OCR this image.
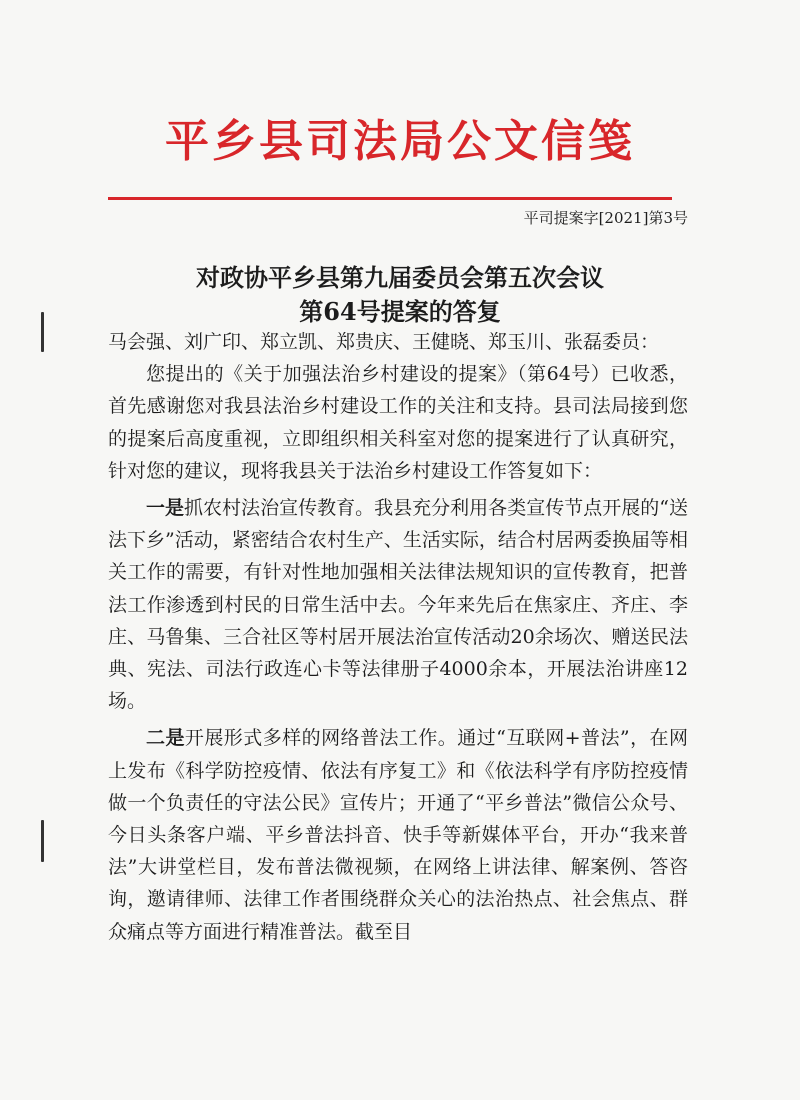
平乡县司法局公文信笺
平司提案字[2021]第3号
对政协平乡县第九届委员会第五次会议
第64号提案的答复

马会强、刘广印、郑立凯、郑贵庆、王健晓、郑玉川、张磊委员：

您提出的《关于加强法治乡村建设的提案》（第64号）已收悉，首先感谢您对我县法治乡村建设工作的关注和支持。县司法局接到您的提案后高度重视，立即组织相关科室对您的提案进行了认真研究，针对您的建议，现将我县关于法治乡村建设工作答复如下：

一是抓农村法治宣传教育。我县充分利用各类宣传节点开展的“送法下乡”活动，紧密结合农村生产、生活实际，结合村居两委换届等相关工作的需要，有针对性地加强相关法律法规知识的宣传教育，把普法工作渗透到村民的日常生活中去。今年来先后在焦家庄、齐庄、李庄、马鲁集、三合社区等村居开展法治宣传活动20余场次、赠送民法典、宪法、司法行政连心卡等法律册子4000余本，开展法治讲座12场。

二是开展形式多样的网络普法工作。通过“互联网+普法”，在网上发布《科学防控疫情、依法有序复工》和《依法科学有序防控疫情做一个负责任的守法公民》宣传片；开通了“平乡普法”微信公众号、今日头条客户端、平乡普法抖音、快手等新媒体平台，开办“我来普法”大讲堂栏目，发布普法微视频，在网络上讲法律、解案例、答咨询，邀请律师、法律工作者围绕群众关心的法治热点、社会焦点、群众痛点等方面进行精准普法。截至目
